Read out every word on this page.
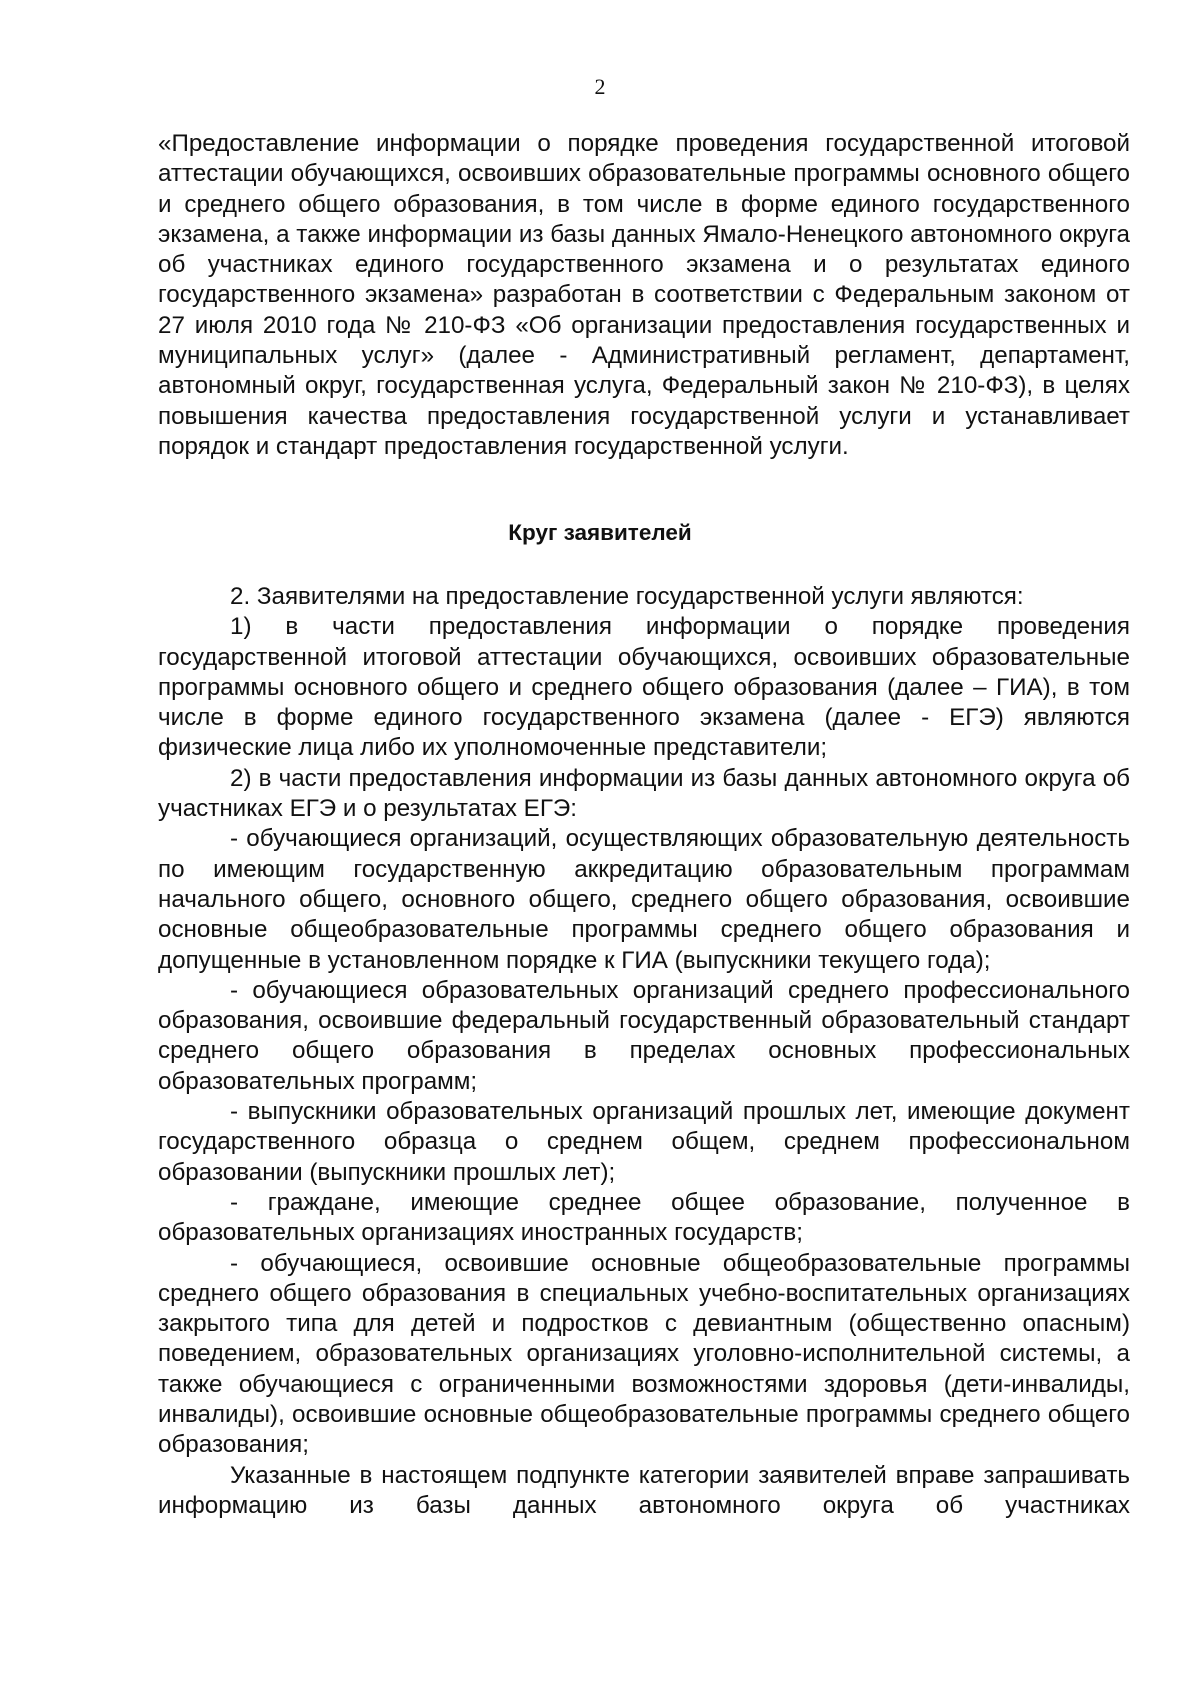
2

«Предоставление информации о порядке проведения государственной итоговой аттестации обучающихся, освоивших образовательные программы основного общего и среднего общего образования, в том числе в форме единого государственного экзамена, а также информации из базы данных Ямало-Ненецкого автономного округа об участниках единого государственного экзамена и о результатах единого государственного экзамена» разработан в соответствии с Федеральным законом от 27 июля 2010 года № 210-ФЗ «Об организации предоставления государственных и муниципальных услуг» (далее - Административный регламент, департамент, автономный округ, государственная услуга, Федеральный закон № 210-ФЗ), в целях повышения качества предоставления государственной услуги и устанавливает порядок и стандарт предоставления государственной услуги.

Круг заявителей

2. Заявителями на предоставление государственной услуги являются:

1) в части предоставления информации о порядке проведения государственной итоговой аттестации обучающихся, освоивших образовательные программы основного общего и среднего общего образования (далее – ГИА), в том числе в форме единого государственного экзамена (далее - ЕГЭ) являются физические лица либо их уполномоченные представители;

2) в части предоставления информации из базы данных автономного округа об участниках ЕГЭ и о результатах ЕГЭ:

- обучающиеся организаций, осуществляющих образовательную деятельность по имеющим государственную аккредитацию образовательным программам начального общего, основного общего, среднего общего образования, освоившие основные общеобразовательные программы среднего общего образования и допущенные в установленном порядке к ГИА (выпускники текущего года);

- обучающиеся образовательных организаций среднего профессионального образования, освоившие федеральный государственный образовательный стандарт среднего общего образования в пределах основных профессиональных образовательных программ;

- выпускники образовательных организаций прошлых лет, имеющие документ государственного образца о среднем общем, среднем профессиональном образовании (выпускники прошлых лет);

- граждане, имеющие среднее общее образование, полученное в образовательных организациях иностранных государств;

- обучающиеся, освоившие основные общеобразовательные программы среднего общего образования в специальных учебно-воспитательных организациях закрытого типа для детей и подростков с девиантным (общественно опасным) поведением, образовательных организациях уголовно-исполнительной системы, а также обучающиеся с ограниченными возможностями здоровья (дети-инвалиды, инвалиды), освоившие основные общеобразовательные программы среднего общего образования;

Указанные в настоящем подпункте категории заявителей вправе запрашивать информацию из базы данных автономного округа об участниках
